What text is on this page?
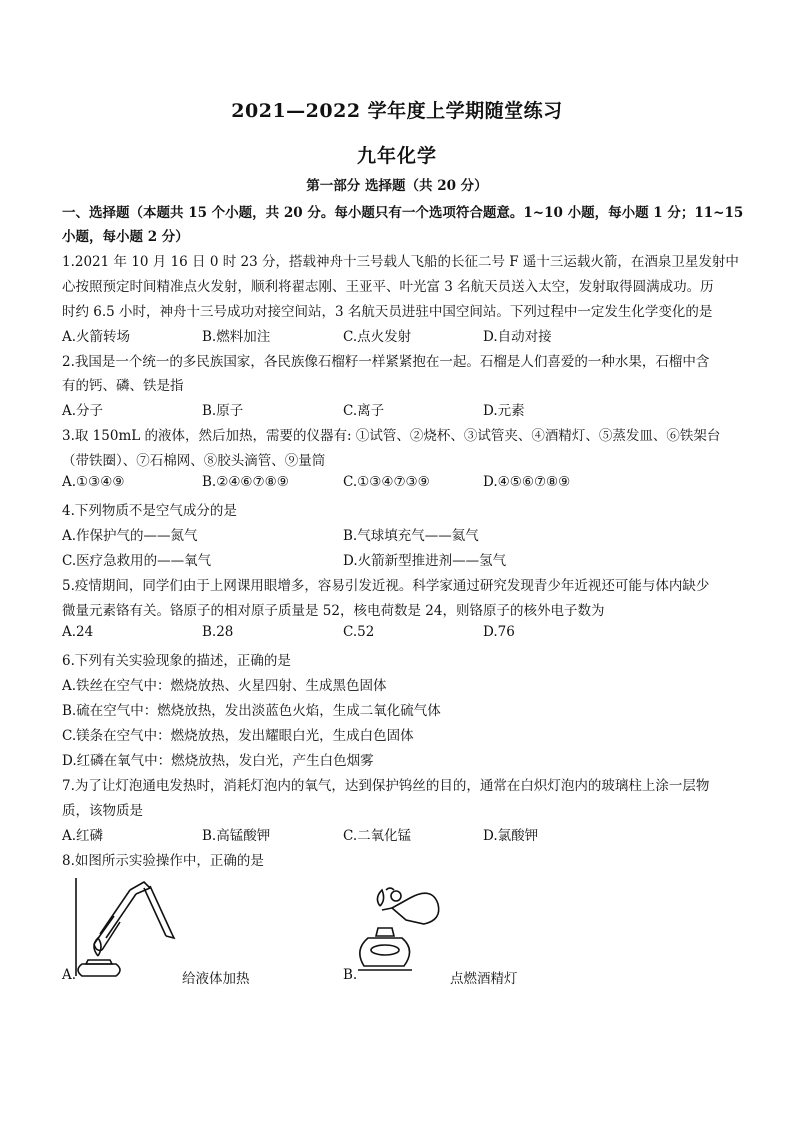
2021—2022 学年度上学期随堂练习
九年化学
第一部分 选择题（共 20 分）
一、选择题（本题共 15 个小题，共 20 分。每小题只有一个选项符合题意。1~10 小题，每小题 1 分；11~15
小题，每小题 2 分）
1.2021 年 10 月 16 日 0 时 23 分，搭载神舟十三号载人飞船的长征二号 F 遥十三运载火箭，在酒泉卫星发射中
心按照预定时间精准点火发射，顺利将翟志刚、王亚平、叶光富 3 名航天员送入太空，发射取得圆满成功。历
时约 6.5 小时，神舟十三号成功对接空间站，3 名航天员进驻中国空间站。下列过程中一定发生化学变化的是
A.火箭转场	B.燃料加注	C.点火发射	D.自动对接
2.我国是一个统一的多民族国家，各民族像石榴籽一样紧紧抱在一起。石榴是人们喜爱的一种水果，石榴中含
有的钙、磷、铁是指
A.分子	B.原子	C.离子	D.元素
3.取 150mL 的液体，然后加热，需要的仪器有: ①试管、②烧杯、③试管夹、④酒精灯、⑤蒸发皿、⑥铁架台
（带铁圈）、⑦石棉网、⑧胶头滴管、⑨量筒
A.①③④⑨	B.②④⑥⑦⑧⑨	C.①③④⑦③⑨	D.④⑤⑥⑦⑧⑨
4.下列物质不是空气成分的是
A.作保护气的——氮气	B.气球填充气——氦气
C.医疗急救用的——氧气	D.火箭新型推进剂——氢气
5.疫情期间，同学们由于上网课用眼增多，容易引发近视。科学家通过研究发现青少年近视还可能与体内缺少
微量元素铬有关。铬原子的相对原子质量是 52，核电荷数是 24，则铬原子的核外电子数为
A.24	B.28	C.52	D.76
6.下列有关实验现象的描述，正确的是
A.铁丝在空气中：燃烧放热、火星四射、生成黑色固体
B.硫在空气中：燃烧放热，发出淡蓝色火焰，生成二氧化硫气体
C.镁条在空气中：燃烧放热，发出耀眼白光，生成白色固体
D.红磷在氧气中：燃烧放热，发白光，产生白色烟雾
7.为了让灯泡通电发热时，消耗灯泡内的氧气，达到保护钨丝的目的，通常在白炽灯泡内的玻璃柱上涂一层物
质，该物质是
A.红磷	B.高锰酸钾	C.二氧化锰	D.氯酸钾
8.如图所示实验操作中，正确的是
A.	给液体加热	B.	点燃酒精灯
